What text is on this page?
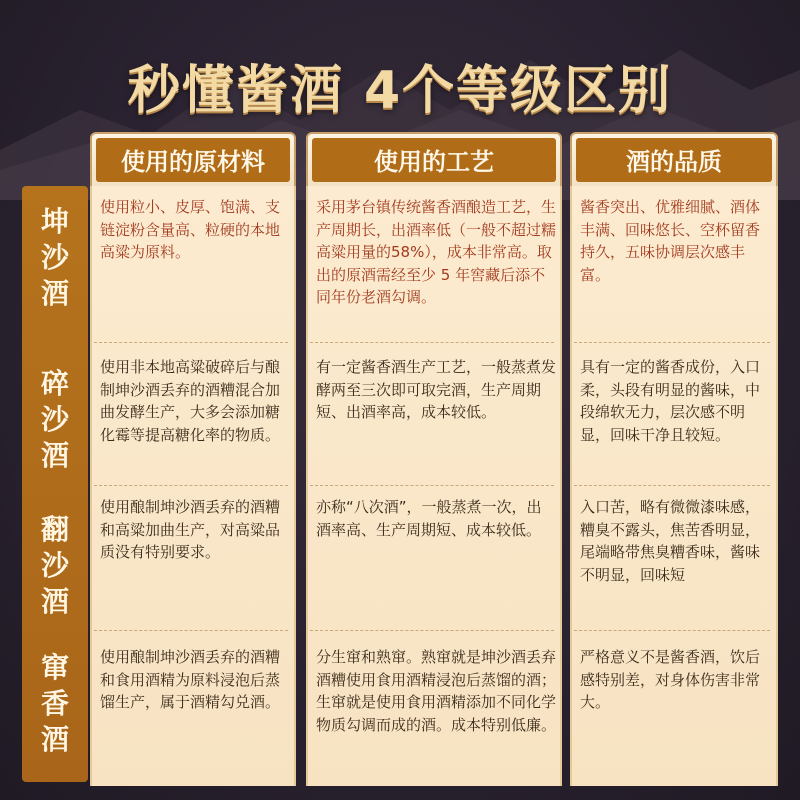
秒懂酱酒 4个等级区别
使用的原材料	使用的工艺	酒的品质
坤
沙
酒
碎
沙
酒
翻
沙
酒
窜
香
酒
使用粒小、皮厚、饱满、支链淀粉含量高、粒硬的本地　高粱为原料。
采用茅台镇传统酱香酒酿造工艺，生产周期长，出酒率低（一般不超过糯高粱用量的58%），成本非常高。取出的原酒需经至少 5 年窖藏后添不同年份老酒勾调。
酱香突出、优雅细腻、酒体丰满、回味悠长、空杯留香持久，五味协调层次感丰富。
使用非本地高粱破碎后与酿制坤沙酒丢弃的酒糟混合加曲发酵生产，大多会添加糖化霉等提高糖化率的物质。
有一定酱香酒生产工艺，一般蒸煮发酵两至三次即可取完酒，生产周期短、出酒率高，成本较低。
具有一定的酱香成份，入口柔，头段有明显的酱味，中段绵软无力，层次感不明显，回味干净且较短。
使用酿制坤沙酒丢弃的酒糟和高粱加曲生产，对高粱品质没有特别要求。
亦称“八次酒”，一般蒸煮一次，出酒率高、生产周期短、成本较低。
入口苦，略有微微漆味感，糟臭不露头，焦苦香明显，尾端略带焦臭糟香味，酱味不明显，回味短
使用酿制坤沙酒丢弃的酒糟和食用酒精为原料浸泡后蒸馏生产，属于酒精勾兑酒。
分生窜和熟窜。熟窜就是坤沙酒丢弃酒糟使用食用酒精浸泡后蒸馏的酒；生窜就是使用食用酒精添加不同化学物质勾调而成的酒。成本特别低廉。
严格意义不是酱香酒，饮后感特别差，对身体伤害非常大。
